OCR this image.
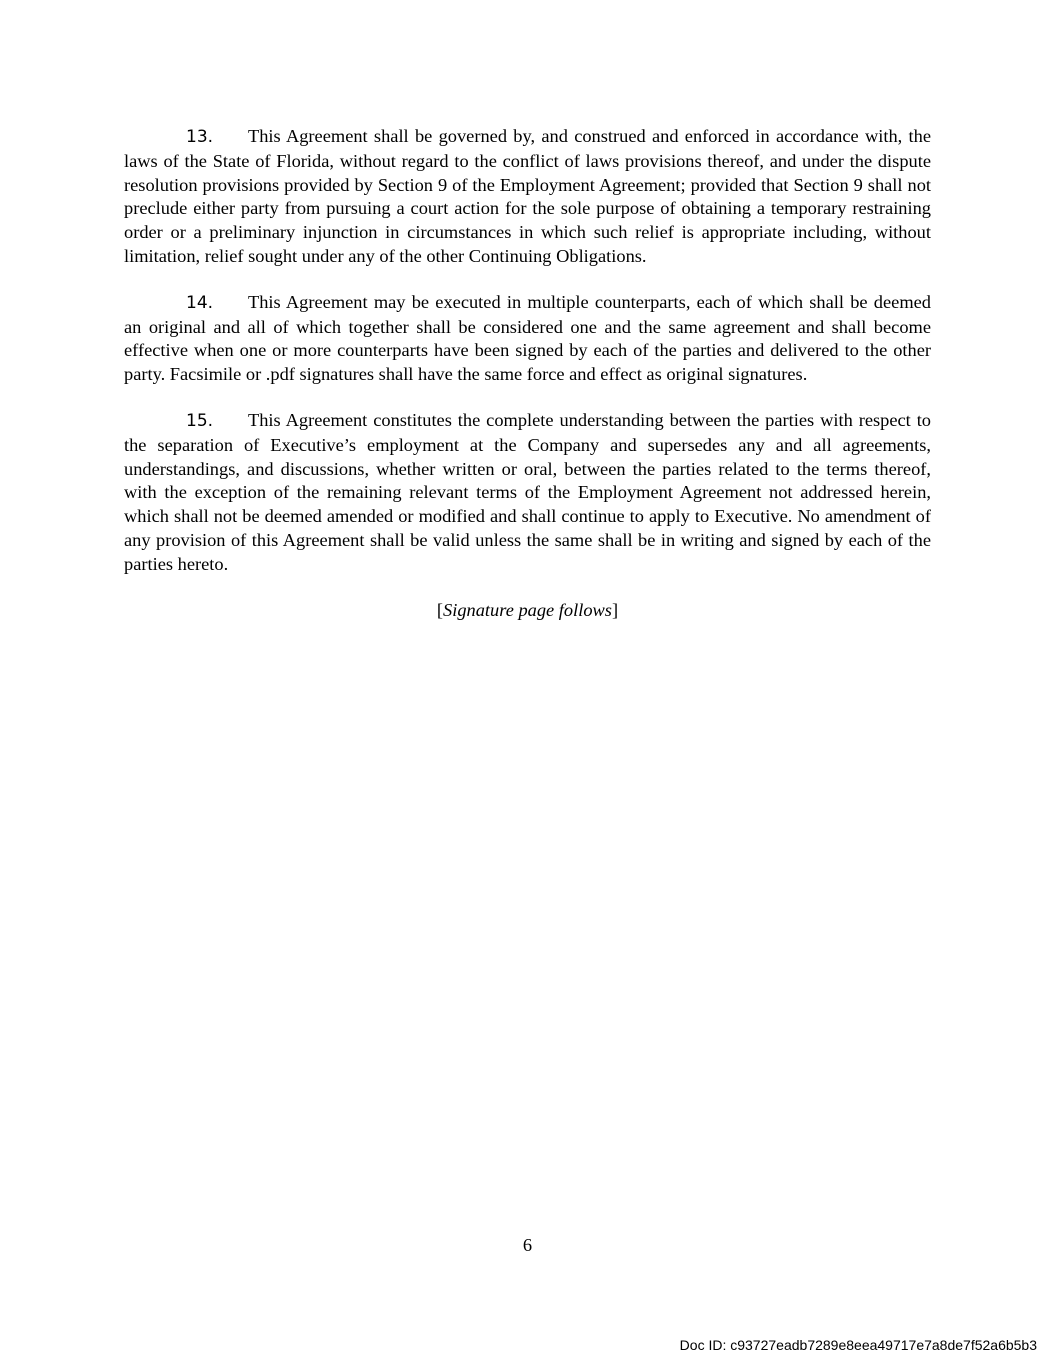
13. This Agreement shall be governed by, and construed and enforced in accordance with, the laws of the State of Florida, without regard to the conflict of laws provisions thereof, and under the dispute resolution provisions provided by Section 9 of the Employment Agreement; provided that Section 9 shall not preclude either party from pursuing a court action for the sole purpose of obtaining a temporary restraining order or a preliminary injunction in circumstances in which such relief is appropriate including, without limitation, relief sought under any of the other Continuing Obligations.

14. This Agreement may be executed in multiple counterparts, each of which shall be deemed an original and all of which together shall be considered one and the same agreement and shall become effective when one or more counterparts have been signed by each of the parties and delivered to the other party. Facsimile or .pdf signatures shall have the same force and effect as original signatures.

15. This Agreement constitutes the complete understanding between the parties with respect to the separation of Executive’s employment at the Company and supersedes any and all agreements, understandings, and discussions, whether written or oral, between the parties related to the terms thereof, with the exception of the remaining relevant terms of the Employment Agreement not addressed herein, which shall not be deemed amended or modified and shall continue to apply to Executive. No amendment of any provision of this Agreement shall be valid unless the same shall be in writing and signed by each of the parties hereto.

[Signature page follows]

6
Doc ID: c93727eadb7289e8eea49717e7a8de7f52a6b5b3
